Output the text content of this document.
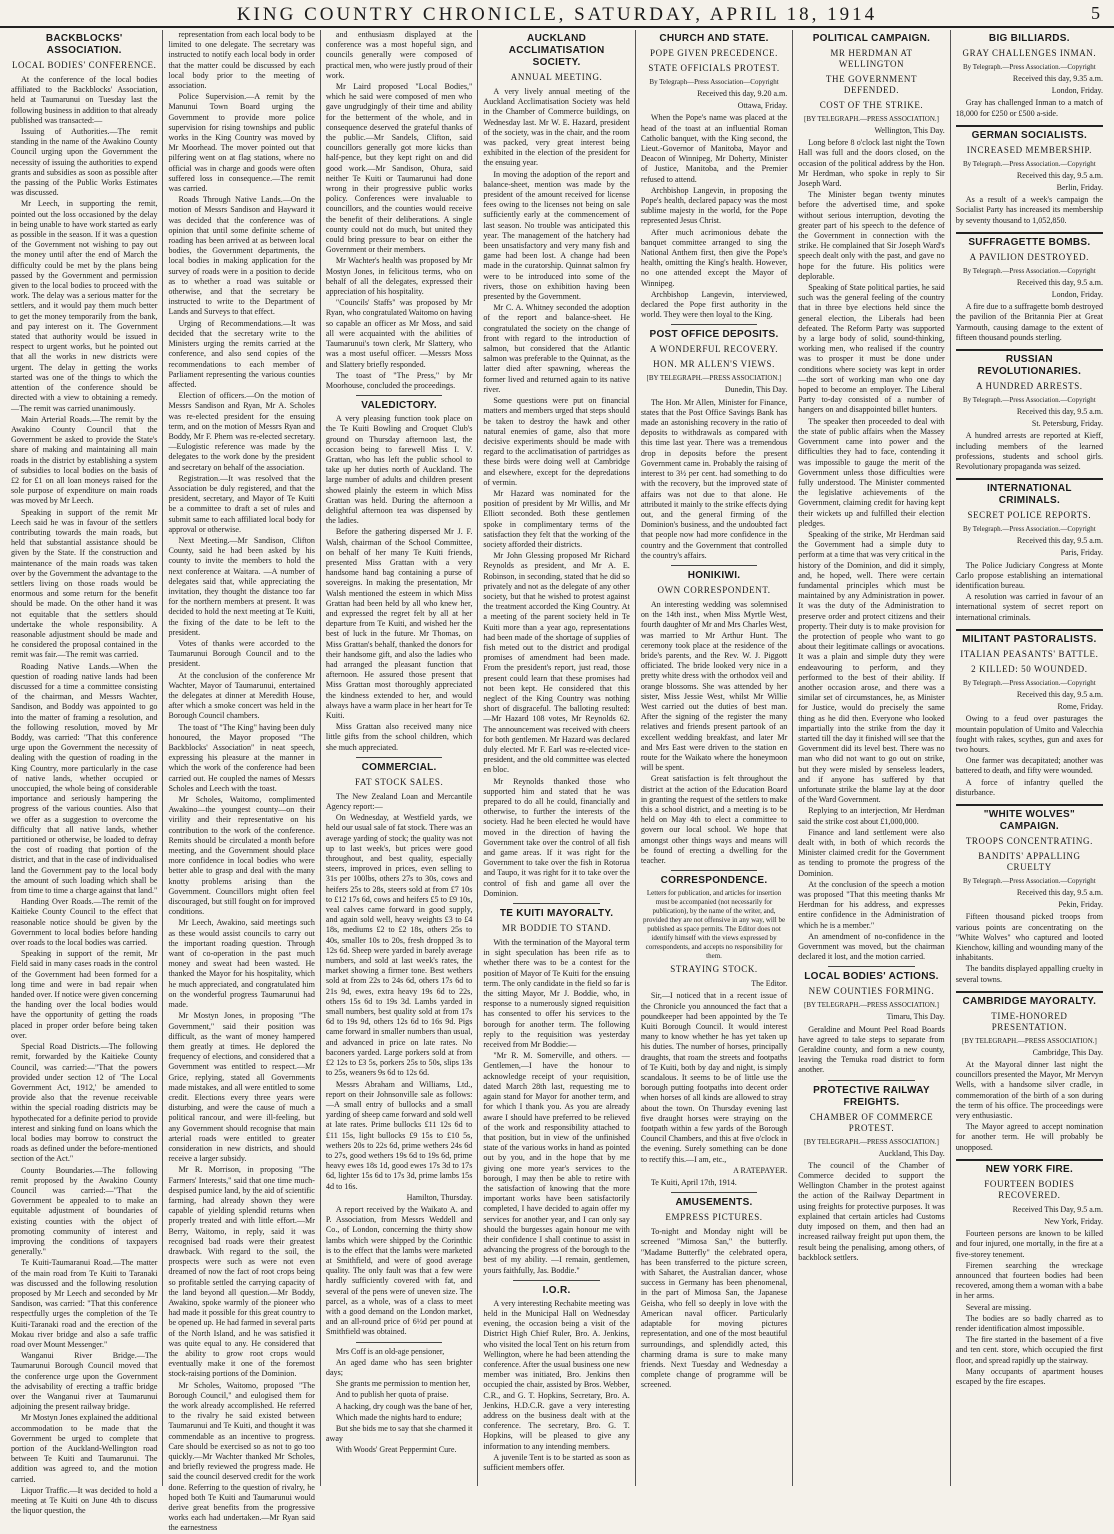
KING COUNTRY CHRONICLE, SATURDAY, APRIL 18, 1914	5
BACKBLOCKS' ASSOCIATION.
LOCAL BODIES' CONFERENCE.

At the conference of the local bodies affiliated to the Backblocks' Association, held at Taumarunui on Tuesday last the following business in addition to that already published was transacted:—

Issuing of Authorities.—The remit standing in the name of the Awakino County Council urging upon the Government the necessity of issuing the authorities to expend grants and subsidies as soon as possible after the passing of the Public Works Estimates was discussed.

Mr Leech, in supporting the remit, pointed out the loss occasioned by the delay in being unable to have work started as early as possible in the season. If it was a question of the Government not wishing to pay out the money until after the end of March the difficulty could be met by the plans being passed by the Government and permission given to the local bodies to proceed with the work. The delay was a serious matter for the settlers, and it would pay them much better to get the money temporarily from the bank, and pay interest on it. The Government stated that authority would be issued in respect to urgent works, but he pointed out that all the works in new districts were urgent. The delay in getting the works started was one of the things to which the attention of the conference should be directed with a view to obtaining a remedy.—The remit was carried unanimously.

Main Arterial Roads.—The remit by the Awakino County Council that the Government be asked to provide the State's share of making and maintaining all main roads in the district by establishing a system of subsidies to local bodies on the basis of £2 for £1 on all loan moneys raised for the sole purpose of expenditure on main roads was moved by Mr Leech.

Speaking in support of the remit Mr Leech said he was in favour of the settlers contributing towards the main roads, but held that substantial assistance should be given by the State. If the construction and maintenance of the main roads was taken over by the Government the advantage to the settlers living on those roads would be enormous and some return for the benefit should be made. On the other hand it was not equitable that the settlers should undertake the whole responsibility. A reasonable adjustment should be made and he considered the proposal contained in the remit was fair.—The remit was carried.

Roading Native Lands.—When the question of roading native lands had been discussed for a time a committee consisting of the chairman, and Messrs Wachter, Sandison, and Boddy was appointed to go into the matter of framing a resolution, and the following resolution, moved by Mr Boddy, was carried: "That this conference urge upon the Government the necessity of dealing with the question of roading in the King Country, more particularly in the case of native lands, whether occupied or unoccupied, the whole being of considerable importance and seriously hampering the progress of the various counties. Also that we offer as a suggestion to overcome the difficulty that all native lands, whether partitioned or otherwise, be loaded to defray the cost of roading that portion of the district, and that in the case of individualised land the Government pay to the local body the amount of such loading which shall be from time to time a charge against that land."

Handing Over Roads.—The remit of the Kaitieke County Council to the effect that reasonable notice should be given by the Government to local bodies before handing over roads to the local bodies was carried.

Speaking in support of the remit, Mr Field said in many cases roads in the control of the Government had been formed for a long time and were in bad repair when handed over. If notice were given concerning the handing over the local bodies would have the opportunity of getting the roads placed in proper order before being taken over.

Special Road Districts.—The following remit, forwarded by the Kaitieke County Council, was carried:—"That the powers provided under section 12 of 'The Local Government Act, 1912,' be amended to provide also that the revenue receivable within the special roading districts may be hypothecated for a definite period to provide interest and sinking fund on loans which the local bodies may borrow to construct the roads as defined under the before-mentioned section of the Act."

County Boundaries.—The following remit proposed by the Awakino County Council was carried:—"That the Government be appealed to to make an equitable adjustment of boundaries of existing counties with the object of promoting community of interest and improving the conditions of taxpayers generally."

Te Kuiti-Taumaranui Road.—The matter of the main road from Te Kuiti to Taranaki was discussed and the following resolution proposed by Mr Leech and seconded by Mr Sandison, was carried: "That this conference respectfully urges the completion of the Te Kuiti-Taranaki road and the erection of the Mokau river bridge and also a safe traffic road over Mount Messenger."

Wanganui River Bridge.—The Taumarunui Borough Council moved that the conference urge upon the Government the advisability of erecting a traffic bridge over the Wanganui river at Taumarunui adjoining the present railway bridge.

Mr Mostyn Jones explained the additional accommodation to be made that the Government be urged to complete that portion of the Auckland-Wellington road between Te Kuiti and Taumarunui. The addition was agreed to, and the motion carried.

Liquor Traffic.—It was decided to hold a meeting at Te Kuiti on June 4th to discuss the liquor question, the

representation from each local body to be limited to one delegate. The secretary was instructed to notify each local body in order that the matter could be discussed by each local body prior to the meeting of association.

Police Supervision.—A remit by the Manunui Town Board urging the Government to provide more police supervision for rising townships and public works in the King Country was moved by Mr Moorhead. The mover pointed out that pilfering went on at flag stations, where no official was in charge and goods were often suffered loss in consequence.—The remit was carried.

Roads Through Native Lands.—On the motion of Messrs Sandison and Hayward it was decided that the conference was of opinion that until some definite scheme of roading has been arrived at as between local bodies, the Government departments, the local bodies in making application for the survey of roads were in a position to decide as to whether a road was suitable or otherwise, and that the secretary be instructed to write to the Department of Lands and Surveys to that effect.

Urging of Recommendations.—It was decided that the secretary write to the Ministers urging the remits carried at the conference, and also send copies of the recommendations to each member of Parliament representing the various counties affected.

Election of officers.—On the motion of Messrs Sandison and Ryan, Mr A. Scholes was re-elected president for the ensuing term, and on the motion of Messrs Ryan and Boddy, Mr F. Phern was re-elected secretary.—Eulogistic reference was made by the delegates to the work done by the president and secretary on behalf of the association.

Registration.—It was resolved that the Association be duly registered, and that the president, secretary, and Mayor of Te Kuiti be a committee to draft a set of rules and submit same to each affiliated local body for approval or otherwise.

Next Meeting.—Mr Sandison, Clifton County, said he had been asked by his county to invite the members to hold the next conference at Waitara. —A number of delegates said that, while appreciating the invitation, they thought the distance too far for the northern members at present. It was decided to hold the next meeting at Te Kuiti, the fixing of the date to be left to the president.

Votes of thanks were accorded to the Taumarunui Borough Council and to the president.

At the conclusion of the conference Mr Wachter, Mayor of Taumarunui, entertained the delegates at dinner at Meredith House, after which a smoke concert was held in the Borough Council chambers.

The toast of "The King" having been duly honoured, the Mayor proposed "The Backblocks' Association" in neat speech, expressing his pleasure at the manner in which the work of the conference had been carried out. He coupled the names of Messrs Scholes and Leech with the toast.

Mr Scholes, Waitomo, complimented Awakino—the youngest county—on their virility and their representative on his contribution to the work of the conference. Remits should be circulated a month before meeting, and the Government should place more confidence in local bodies who were better able to grasp and deal with the many knotty problems arising than the Government. Councillors might often feel discouraged, but still fought on for improved conditions.

Mr Leech, Awakino, said meetings such as these would assist councils to carry out the important roading question. Through want of co-operation in the past much money and sweat had been wasted. He thanked the Mayor for his hospitality, which he much appreciated, and congratulated him on the wonderful progress Taumarunui had made.

Mr Mostyn Jones, in proposing "The Government," said their position was difficult, as the want of money hampered them greatly at times. He deplored the frequency of elections, and considered that a Government was entitled to respect.—Mr Grice, replying, stated all Governments made mistakes, and all were entitled to some credit. Elections every three years were disturbing, and were the cause of much a political rancour, and were ill-feeling, but any Government should recognise that main arterial roads were entitled to greater consideration in new districts, and should receive a larger subsidy.

Mr R. Morrison, in proposing "The Farmers' Interests," said that one time much-despised pumice land, by the aid of scientific farming, had already shown they were capable of yielding splendid returns when properly treated and with little effort.—Mr Berry, Waitomo, in reply, said it was recognised bad roads were their greatest drawback. With regard to the soil, the prospects were such as were not even dreamed of now the fact of root crops being so profitable settled the carrying capacity of the land beyond all question.—Mr Boddy, Awakino, spoke warmly of the pioneer who had made it possible for this great country to be opened up. He had farmed in several parts of the North Island, and he was satisfied it was quite equal to any. He considered that the ability to grow root crops would eventually make it one of the foremost stock-raising portions of the Dominion.

Mr Scholes, Waitomo, proposed "The Borough Council," and eulogised them for the work already accomplished. He referred to the rivalry he said existed between Taumarunui and Te Kuiti, and thought it was commendable as an incentive to progress. Care should be exercised so as not to go too quickly.—Mr Wachter thanked Mr Scholes, and briefly reviewed the progress made. He said the council deserved credit for the work done. Referring to the question of rivalry, he hoped both Te Kuiti and Taumarunui would derive great benefits from the progressive works each had undertaken.—Mr Ryan said the earnestness

and enthusiasm displayed at the conference was a most hopeful sign, and councils generally were composed of practical men, who were justly proud of their work.

Mr Laird proposed "Local Bodies," which he said were composed of men who gave ungrudgingly of their time and ability for the betterment of the whole, and in consequence deserved the grateful thanks of the public.—Mr Sandels, Clifton, said councillors generally got more kicks than half-pence, but they kept right on and did good work.—Mr Sandison, Ohura, said neither Te Kuiti or Taumarunui had done wrong in their progressive public works policy. Conferences were invaluable to councillors, and the counties would receive the benefit of their deliberations. A single county could not do much, but united they could bring pressure to bear on either the Government or their members.

Mr Wachter's health was proposed by Mr Mostyn Jones, in felicitous terms, who on behalf of all the delegates, expressed their appreciation of his hospitality.

"Councils' Staffs" was proposed by Mr Ryan, who congratulated Waitomo on having so capable an officer as Mr Moss, and said all were acquainted with the abilities of Taumarunui's town clerk, Mr Slattery, who was a most useful officer. —Messrs Moss and Slattery briefly responded.

The toast of "The Press," by Mr Moorhouse, concluded the proceedings.

VALEDICTORY.

A very pleasing function took place on the Te Kuiti Bowling and Croquet Club's ground on Thursday afternoon last, the occasion being to farewell Miss I. V. Grattan, who has left the public school to take up her duties north of Auckland. The large number of adults and children present showed plainly the esteem in which Miss Grattan was held. During the afternoon a delightful afternoon tea was dispensed by the ladies.

Before the gathering dispersed Mr J. F. Walsh, chairman of the School Committee, on behalf of her many Te Kuiti friends, presented Miss Grattan with a very handsome hand bag containing a purse of sovereigns. In making the presentation, Mr Walsh mentioned the esteem in which Miss Grattan had been held by all who knew her, and expressed the regret felt by all at her departure from Te Kuiti, and wished her the best of luck in the future. Mr Thomas, on Miss Grattan's behalf, thanked the donors for their handsome gift, and also the ladies who had arranged the pleasant function that afternoon. He assured those present that Miss Grattan most thoroughly appreciated the kindness extended to her, and would always have a warm place in her heart for Te Kuiti.

Miss Grattan also received many nice little gifts from the school children, which she much appreciated.

COMMERCIAL.
FAT STOCK SALES.

The New Zealand Loan and Mercantile Agency report:—

On Wednesday, at Westfield yards, we held our usual sale of fat stock. There was an average yarding of stock; the quality was not up to last week's, but prices were good throughout, and best quality, especially steers, improved in prices, even selling to 31s per 100lbs, others 27s to 30s, cows and heifers 25s to 28s, steers sold at from £7 10s to £12 17s 6d, cows and heifers £5 to £9 10s, veal calves came forward in good supply, and again sold well, heavy weights £3 to £4 18s, mediums £2 to £2 18s, others 25s to 40s, smaller 10s to 20s, fresh dropped 3s to 12s 6d. Sheep were yarded in barely average numbers, and sold at last week's rates, the market showing a firmer tone. Best wethers sold at from 22s to 24s 6d, others 17s 6d to 21s 9d, ewes, extra heavy 19s 6d to 22s, others 15s 6d to 19s 3d. Lambs yarded in small numbers, best quality sold at from 17s 6d to 19s 9d, others 12s 6d to 16s 9d. Pigs came forward in smaller numbers than usual, and advanced in price on late rates. No baconers yarded. Large porkers sold at from £2 12s to £3 5s, porkers 25s to 50s, slips 13s to 25s, weaners 9s 6d to 12s 6d.

Messrs Abraham and Williams, Ltd., report on their Johnsonville sale as follows:—A small entry of bullocks and a small yarding of sheep came forward and sold well at late rates. Prime bullocks £11 12s 6d to £11 15s, light bullocks £9 15s to £10 5s, wethers 20s to 22s 6d, prime wethers 24s 6d to 27s, good wethers 19s 6d to 19s 6d, prime heavy ewes 18s 1d, good ewes 17s 3d to 17s 6d, lighter 15s 6d to 17s 3d, prime lambs 15s 4d to 16s.

Hamilton, Thursday.

A report received by the Waikato A. and P. Association, from Messrs Weddell and Co., of London, concerning the thirty show lambs which were shipped by the Corinthic is to the effect that the lambs were marketed at Smithfield, and were of good average quality. The only fault was that a few were hardly sufficiently covered with fat, and several of the pens were of uneven size. The parcel, as a whole, was of a class to meet with a good demand on the London market, and an all-round price of 6½d per pound at Smithfield was obtained.

Mrs Coff is an old-age pensioner,

An aged dame who has seen brighter days;

She grants me permission to mention her,

And to publish her quota of praise.

A hacking, dry cough was the bane of her,

Which made the nights hard to endure;

But she bids me to say that she charmed it away

With Woods' Great Peppermint Cure.

AUCKLAND ACCLIMATISATION SOCIETY.
ANNUAL MEETING.

A very lively annual meeting of the Auckland Acclimatisation Society was held in the Chamber of Commerce buildings, on Wednesday last. Mr W. E. Hazard, president of the society, was in the chair, and the room was packed, very great interest being exhibited in the election of the president for the ensuing year.

In moving the adoption of the report and balance-sheet, mention was made by the president of the amount received for license fees owing to the licenses not being on sale sufficiently early at the commencement of last season. No trouble was anticipated this year. The management of the hatchery had been unsatisfactory and very many fish and game had been lost. A change had been made in the curatorship. Quinnat salmon fry were to be introduced into some of the rivers, those on exhibition having been presented by the Government.

Mr C. A. Whitney seconded the adoption of the report and balance-sheet. He congratulated the society on the change of front with regard to the introduction of salmon, but considered that the Atlantic salmon was preferable to the Quinnat, as the latter died after spawning, whereas the former lived and returned again to its native river.

Some questions were put on financial matters and members urged that steps should be taken to destroy the hawk and other natural enemies of game, also that more decisive experiments should be made with regard to the acclimatisation of partridges as these birds were doing well at Cambridge and elsewhere, except for the depredations of vermin.

Mr Hazard was nominated for the position of president by Mr Willis, and Mr Elliott seconded. Both these gentlemen spoke in complimentary terms of the satisfaction they felt that the working of the society afforded their districts.

Mr John Glessing proposed Mr Richard Reynolds as president, and Mr A. E. Robinson, in seconding, stated that he did so privately and not as the delegate of any other society, but that he wished to protest against the treatment accorded the King Country. At a meeting of the parent society held in Te Kuiti more than a year ago, representations had been made of the shortage of supplies of fish meted out to the district and prodigal promises of amendment had been made. From the president's report, just read, those present could learn that these promises had not been kept. He considered that this neglect of the King Country was nothing short of disgraceful. The balloting resulted:—Mr Hazard 108 votes, Mr Reynolds 62. The announcement was received with cheers for both gentlemen. Mr Hazard was declared duly elected. Mr F. Earl was re-elected vice-president, and the old committee was elected en bloc.

Mr Reynolds thanked those who supported him and stated that he was prepared to do all he could, financially and otherwise, to further the interests of the society. Had he been elected he would have moved in the direction of having the Government take over the control of all fish and game areas. If it was right for the Government to take over the fish in Rotorua and Taupo, it was right for it to take over the control of fish and game all over the Dominion.

TE KUITI MAYORALTY.
MR BODDIE TO STAND.

With the termination of the Mayoral term in sight speculation has been rife as to whether there was to be a contest for the position of Mayor of Te Kuiti for the ensuing term. The only candidate in the field so far is the sitting Mayor, Mr J. Boddie, who, in response to a numerously signed requisition has consented to offer his services to the borough for another term. The following reply to the requisition was yesterday received from Mr Boddie:—

"Mr R. M. Somerville, and others. —Gentlemen,—I have the honour to acknowledge receipt of your requisition, dated March 28th last, requesting me to again stand for Mayor for another term, and for which I thank you. As you are already aware I should have preferred to be relieved of the work and responsibility attached to that position, but in view of the unfinished state of the various works in hand as pointed out by you, and in the hope that by me giving one more year's services to the borough, I may then be able to retire with the satisfaction of knowing that the more important works have been satisfactorily completed, I have decided to again offer my services for another year, and I can only say should the burgesses again honour me with their confidence I shall continue to assist in advancing the progress of the borough to the best of my ability. —I remain, gentlemen, yours faithfully, Jas. Boddie."

I.O.R.

A very interesting Rechabite meeting was held in the Municipal Hall on Wednesday evening, the occasion being a visit of the District High Chief Ruler, Bro. A. Jenkins, who visited the local Tent on his return from Wellington, where he had been attending the conference. After the usual business one new member was initiated, Bro. Jenkins then occupied the chair, assisted by Bros. Webber, C.R., and G. T. Hopkins, Secretary, Bro. A. Jenkins, H.D.C.R. gave a very interesting address on the business dealt with at the conference. The secretary, Bro. G. T. Hopkins, will be pleased to give any information to any intending members.

A juvenile Tent is to be started as soon as sufficient members offer.

CHURCH AND STATE.
POPE GIVEN PRECEDENCE.
STATE OFFICIALS PROTEST.
By Telegraph—Press Association—Copyright
Received this day, 9.20 a.m.
Ottawa, Friday.

When the Pope's name was placed at the head of the toast at an influential Roman Catholic banquet, with the King second, the Lieut.-Governor of Manitoba, Mayor and Deacon of Winnipeg, Mr Doherty, Minister of Justice, Manitoba, and the Premier refused to attend.

Archbishop Langevin, in proposing the Pope's health, declared papacy was the most sublime majesty in the world, for the Pope represented Jesus Christ.

After much acrimonious debate the banquet committee arranged to sing the National Anthem first, then give the Pope's health, omitting the King's health. However, no one attended except the Mayor of Winnipeg.

Archbishop Langevin, interviewed, declared the Pope first authority in the world. They were then loyal to the King.

POST OFFICE DEPOSITS.
A WONDERFUL RECOVERY.
HON. MR ALLEN'S VIEWS.
[BY TELEGRAPH.—PRESS ASSOCIATION.]
Dunedin, This Day.

The Hon. Mr Allen, Minister for Finance, states that the Post Office Savings Bank has made an astonishing recovery in the ratio of deposits to withdrawals as compared with this time last year. There was a tremendous drop in deposits before the present Government came in. Probably the raising of interest to 3½ per cent. had something to do with the recovery, but the improved state of affairs was not due to that alone. He attributed it mainly to the strike effects dying out, and the general firming of the Dominion's business, and the undoubted fact that people now had more confidence in the country and the Government that controlled the country's affairs.

HONIKIWI.
OWN CORRESPONDENT.

An interesting wedding was solemnised on the 14th inst., when Miss Myrtle West, fourth daughter of Mr and Mrs Charles West, was married to Mr Arthur Hunt. The ceremony took place at the residence of the bride's parents, and the Rev. W. J. Piggott officiated. The bride looked very nice in a pretty white dress with the orthodox veil and orange blossoms. She was attended by her sister, Miss Jessie West, whilst Mr Willie West carried out the duties of best man. After the signing of the register the many relatives and friends present partook of an excellent wedding breakfast, and later Mr and Mrs East were driven to the station en route for the Waikato where the honeymoon will be spent.

Great satisfaction is felt throughout the district at the action of the Education Board in granting the request of the settlers to make this a school district, and a meeting is to be held on May 4th to elect a committee to govern our local school. We hope that amongst other things ways and means will be found of erecting a dwelling for the teacher.

CORRESPONDENCE.
Letters for publication, and articles for insertion must be accompanied (not necessarily for publication), by the name of the writer, and, provided they are not offensive in any way, will be published as space permits. The Editor does not identify himself with the views expressed by correspondents, and accepts no responsibility for them.
STRAYING STOCK.
The Editor.

Sir,—I noticed that in a recent issue of the Chronicle you announced the fact that a poundkeeper had been appointed by the Te Kuiti Borough Council. It would interest many to know whether he has yet taken up his duties. The number of horses, principally draughts, that roam the streets and footpaths of Te Kuiti, both by day and night, is simply scandalous. It seems to be of little use the borough putting footpaths into decent order when horses of all kinds are allowed to stray about the town. On Thursday evening last five draught horses were straying on the footpath within a few yards of the Borough Council Chambers, and this at five o'clock in the evening. Surely something can be done to rectify this.—I am, etc.,

A RATEPAYER.

Te Kuiti, April 17th, 1914.

AMUSEMENTS.
EMPRESS PICTURES.

To-night and Monday night will be screened "Mimosa San," the butterfly. "Madame Butterfly" the celebrated opera, has been transferred to the picture screen, with Saharet, the Australian dancer, whose success in Germany has been phenomenal, in the part of Mimosa San, the Japanese Geisha, who fell so deeply in love with the American naval officer. Particularly adaptable for moving pictures representation, and one of the most beautiful surroundings, and splendidly acted, this charming drama is sure to make many friends. Next Tuesday and Wednesday a complete change of programme will be screened.

POLITICAL CAMPAIGN.
MR HERDMAN AT WELLINGTON
THE GOVERNMENT DEFENDED.
COST OF THE STRIKE.
[BY TELEGRAPH.—PRESS ASSOCIATION.]
Wellington, This Day.

Long before 8 o'clock last night the Town Hall was full and the doors closed, on the occasion of the political address by the Hon. Mr Herdman, who spoke in reply to Sir Joseph Ward.

The Minister began twenty minutes before the advertised time, and spoke without serious interruption, devoting the greater part of his speech to the defence of the Government in connection with the strike. He complained that Sir Joseph Ward's speech dealt only with the past, and gave no hope for the future. His politics were deplorable.

Speaking of State political parties, he said such was the general feeling of the country that in three bye elections held since the general election, the Liberals had been defeated. The Reform Party was supported by a large body of solid, sound-thinking, working men, who realised if the country was to prosper it must be done under conditions where society was kept in order—the sort of working man who one day hoped to become an employer. The Liberal Party to-day consisted of a number of hangers on and disappointed billet hunters.

The speaker then proceeded to deal with the state of public affairs when the Massey Government came into power and the difficulties they had to face, contending it was impossible to gauge the merit of the Government unless those difficulties were fully understood. The Minister commented the legislative achievements of the Government, claiming credit for having kept their wickets up and fulfilled their election pledges.

Speaking of the strike, Mr Herdman said the Government had a simple duty to perform at a time that was very critical in the history of the Dominion, and did it simply, and, he hoped, well. There were certain fundamental principles which must be maintained by any Administration in power. It was the duty of the Administration to preserve order and protect citizens and their property. Their duty is to make provision for the protection of people who want to go about their legitimate callings or avocations. It was a plain and simple duty they were endeavouring to perform, and they performed to the best of their ability. If another occasion arose, and there was a similar set of circumstances, he, as Minister for Justice, would do precisely the same thing as he did then. Everyone who looked impartially into the strike from the day it started till the day it finished will see that the Government did its level best. There was no man who did not want to go out on strike, but they were misled by senseless leaders, and if anyone has suffered by that unfortunate strike the blame lay at the door of the Ward Government.

Replying to an interjection, Mr Herdman said the strike cost about £1,000,000.

Finance and land settlement were also dealt with, in both of which records the Minister claimed credit for the Government as tending to promote the progress of the Dominion.

At the conclusion of the speech a motion was proposed "That this meeting thanks Mr Herdman for his address, and expresses entire confidence in the Administration of which he is a member."

An amendment of no-confidence in the Government was moved, but the chairman declared it lost, and the motion carried.

LOCAL BODIES' ACTIONS.
NEW COUNTIES FORMING.
[BY TELEGRAPH.—PRESS ASSOCIATION.]
Timaru, This Day.

Geraldine and Mount Peel Road Boards have agreed to take steps to separate from Geraldine county, and form a new county, leaving the Temuka road district to form another.

PROTECTIVE RAILWAY FREIGHTS.
CHAMBER OF COMMERCE PROTEST.
[BY TELEGRAPH.—PRESS ASSOCIATION.]
Auckland, This Day.

The council of the Chamber of Commerce decided to support the Wellington Chamber in the protest against the action of the Railway Department in using freights for protective purposes. It was explained that certain articles had Customs duty imposed on them, and then had an increased railway freight put upon them, the result being the penalising, among others, of backblock settlers.

BIG BILLIARDS.
GRAY CHALLENGES INMAN.
By Telegraph.—Press Association.—Copyright
Received this day, 9.35 a.m.
London, Friday.

Gray has challenged Inman to a match of 18,000 for £250 or £500 a-side.

GERMAN SOCIALISTS.
INCREASED MEMBERSHIP.
By Telegraph.—Press Association.—Copyright
Received this day, 9.5 a.m.
Berlin, Friday.

As a result of a week's campaign the Socialist Party has increased its membership by seventy thousand to 1,052,850.

SUFFRAGETTE BOMBS.
A PAVILION DESTROYED.
By Telegraph.—Press Association.—Copyright
Received this day, 9.5 a.m.
London, Friday.

A fire due to a suffragette bomb destroyed the pavilion of the Britannia Pier at Great Yarmouth, causing damage to the extent of fifteen thousand pounds sterling.

RUSSIAN REVOLUTIONARIES.
A HUNDRED ARRESTS.
By Telegraph.—Press Association.—Copyright
Received this day, 9.5 a.m.
St. Petersburg, Friday.

A hundred arrests are reported at Kieff, including members of the learned professions, students and school girls. Revolutionary propaganda was seized.

INTERNATIONAL CRIMINALS.
SECRET POLICE REPORTS.
By Telegraph.—Press Association.—Copyright
Received this day, 9.5 a.m.
Paris, Friday.

The Police Judiciary Congress at Monte Carlo propose establishing an international identification bureau.

A resolution was carried in favour of an international system of secret report on international criminals.

MILITANT PASTORALISTS.
ITALIAN PEASANTS' BATTLE.
2 KILLED: 50 WOUNDED.
By Telegraph.—Press Association.—Copyright
Received this day, 9.5 a.m.
Rome, Friday.

Owing to a feud over pasturages the mountain population of Umito and Valecchia fought with rakes, scythes, gun and axes for two hours.

One farmer was decapitated; another was battered to death, and fifty were wounded.

A force of infantry quelled the disturbance.

"WHITE WOLVES" CAMPAIGN.
TROOPS CONCENTRATING.
BANDITS' APPALLING CRUELTY
By Telegraph.—Press Association.—Copyright
Received this day, 9.5 a.m.
Pekin, Friday.

Fifteen thousand picked troops from various points are concentrating on the "White Wolves" who captured and looted Kienchow, killing and wounding many of the inhabitants.

The bandits displayed appalling cruelty in several towns.

CAMBRIDGE MAYORALTY.
TIME-HONORED PRESENTATION.
[BY TELEGRAPH.—PRESS ASSOCIATION.]
Cambridge, This Day.

At the Mayoral dinner last night the councillors presented the Mayor, Mr Mervyn Wells, with a handsome silver cradle, in commemoration of the birth of a son during the term of his office. The proceedings were very enthusiastic.

The Mayor agreed to accept nomination for another term. He will probably be unopposed.

NEW YORK FIRE.
FOURTEEN BODIES RECOVERED.
Received This Day, 9.5 a.m.
New York, Friday.

Fourteen persons are known to be killed and four injured, one mortally, in the fire at a five-storey tenement.

Firemen searching the wreckage announced that fourteen bodies had been recovered, among them a woman with a babe in her arms.

Several are missing.

The bodies are so badly charred as to render identification almost impossible.

The fire started in the basement of a five and ten cent. store, which occupied the first floor, and spread rapidly up the stairway.

Many occupants of apartment houses escaped by the fire escapes.
